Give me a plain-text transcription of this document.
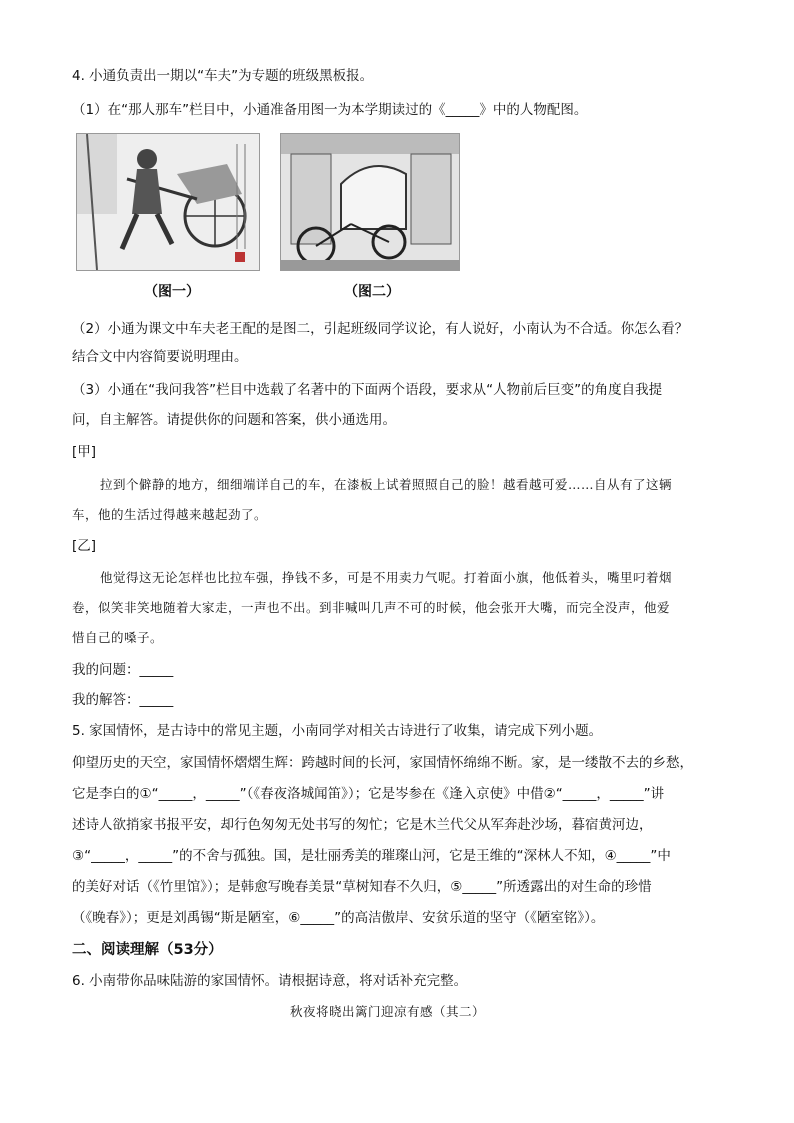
4. 小通负责出一期以“车夫”为专题的班级黑板报。
（1）在“那人那车”栏目中，小通准备用图一为本学期读过的《_____》中的人物配图。
（图一）	（图二）
（2）小通为课文中车夫老王配的是图二，引起班级同学议论，有人说好，小南认为不合适。你怎么看？
结合文中内容简要说明理由。
（3）小通在“我问我答”栏目中选载了名著中的下面两个语段，要求从“人物前后巨变”的角度自我提
问，自主解答。请提供你的问题和答案，供小通选用。
[甲]
拉到个僻静的地方，细细端详自己的车，在漆板上试着照照自己的脸！越看越可爱……自从有了这辆
车，他的生活过得越来越起劲了。
[乙]
他觉得这无论怎样也比拉车强，挣钱不多，可是不用卖力气呢。打着面小旗，他低着头，嘴里叼着烟
卷，似笑非笑地随着大家走，一声也不出。到非喊叫几声不可的时候，他会张开大嘴，而完全没声，他爱
惜自己的嗓子。
我的问题：_____
我的解答：_____
5. 家国情怀，是古诗中的常见主题，小南同学对相关古诗进行了收集，请完成下列小题。
仰望历史的天空，家国情怀熠熠生辉：跨越时间的长河，家国情怀绵绵不断。家，是一缕散不去的乡愁，
它是李白的①“_____，_____”（《春夜洛城闻笛》）；它是岑参在《逢入京使》中借②“_____，_____”讲
述诗人欲捎家书报平安，却行色匆匆无处书写的匆忙；它是木兰代父从军奔赴沙场，暮宿黄河边，
③“_____，_____”的不舍与孤独。国，是壮丽秀美的璀璨山河，它是王维的“深林人不知，④_____”中
的美好对话（《竹里馆》）；是韩愈写晚春美景“草树知春不久归，⑤_____”所透露出的对生命的珍惜
（《晚春》）；更是刘禹锡“斯是陋室，⑥_____”的高洁傲岸、安贫乐道的坚守（《陋室铭》）。
二、阅读理解（53分）
6. 小南带你品味陆游的家国情怀。请根据诗意，将对话补充完整。
秋夜将晓出篱门迎凉有感（其二）
